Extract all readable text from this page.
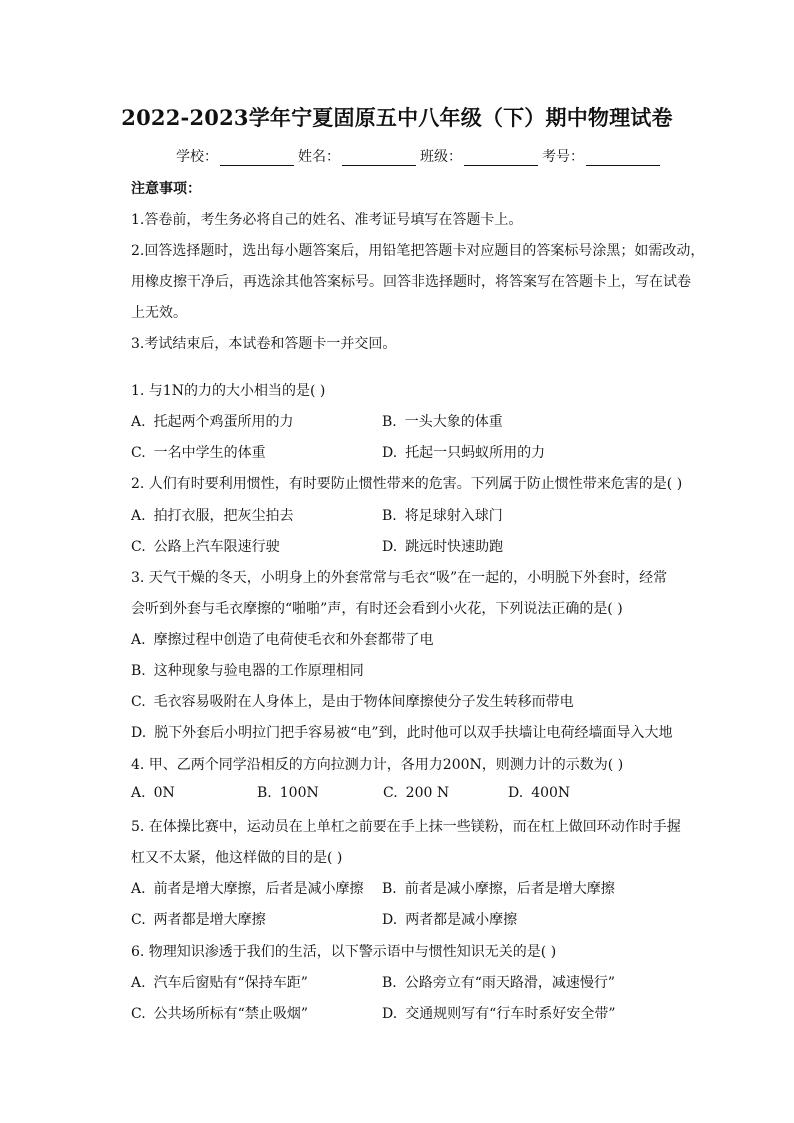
2022-2023学年宁夏固原五中八年级（下）期中物理试卷
学校：	姓名：	班级：	考号：
注意事项：
1.答卷前，考生务必将自己的姓名、准考证号填写在答题卡上。
2.回答选择题时，选出每小题答案后，用铅笔把答题卡对应题目的答案标号涂黑；如需改动，
用橡皮擦干净后，再选涂其他答案标号。回答非选择题时，将答案写在答题卡上，写在试卷
上无效。
3.考试结束后，本试卷和答题卡一并交回。
1. 与1N的力的大小相当的是( )
A. 托起两个鸡蛋所用的力	B. 一头大象的体重
C. 一名中学生的体重	D. 托起一只蚂蚁所用的力
2. 人们有时要利用惯性，有时要防止惯性带来的危害。下列属于防止惯性带来危害的是( )
A. 拍打衣服，把灰尘拍去	B. 将足球射入球门
C. 公路上汽车限速行驶	D. 跳远时快速助跑
3. 天气干燥的冬天，小明身上的外套常常与毛衣“吸”在一起的，小明脱下外套时，经常
会听到外套与毛衣摩擦的“啪啪”声，有时还会看到小火花，下列说法正确的是( )
A. 摩擦过程中创造了电荷使毛衣和外套都带了电
B. 这种现象与验电器的工作原理相同
C. 毛衣容易吸附在人身体上，是由于物体间摩擦使分子发生转移而带电
D. 脱下外套后小明拉门把手容易被“电”到，此时他可以双手扶墙让电荷经墙面导入大地
4. 甲、乙两个同学沿相反的方向拉测力计，各用力200N，则测力计的示数为( )
A. 0N	B. 100N	C. 200 N	D. 400N
5. 在体操比赛中，运动员在上单杠之前要在手上抹一些镁粉，而在杠上做回环动作时手握
杠又不太紧，他这样做的目的是( )
A. 前者是增大摩擦，后者是减小摩擦 B. 前者是减小摩擦，后者是增大摩擦
C. 两者都是增大摩擦	D. 两者都是减小摩擦
6. 物理知识渗透于我们的生活，以下警示语中与惯性知识无关的是( )
A. 汽车后窗贴有“保持车距”	B. 公路旁立有“雨天路滑，减速慢行”
C. 公共场所标有“禁止吸烟”	D. 交通规则写有“行车时系好安全带”
